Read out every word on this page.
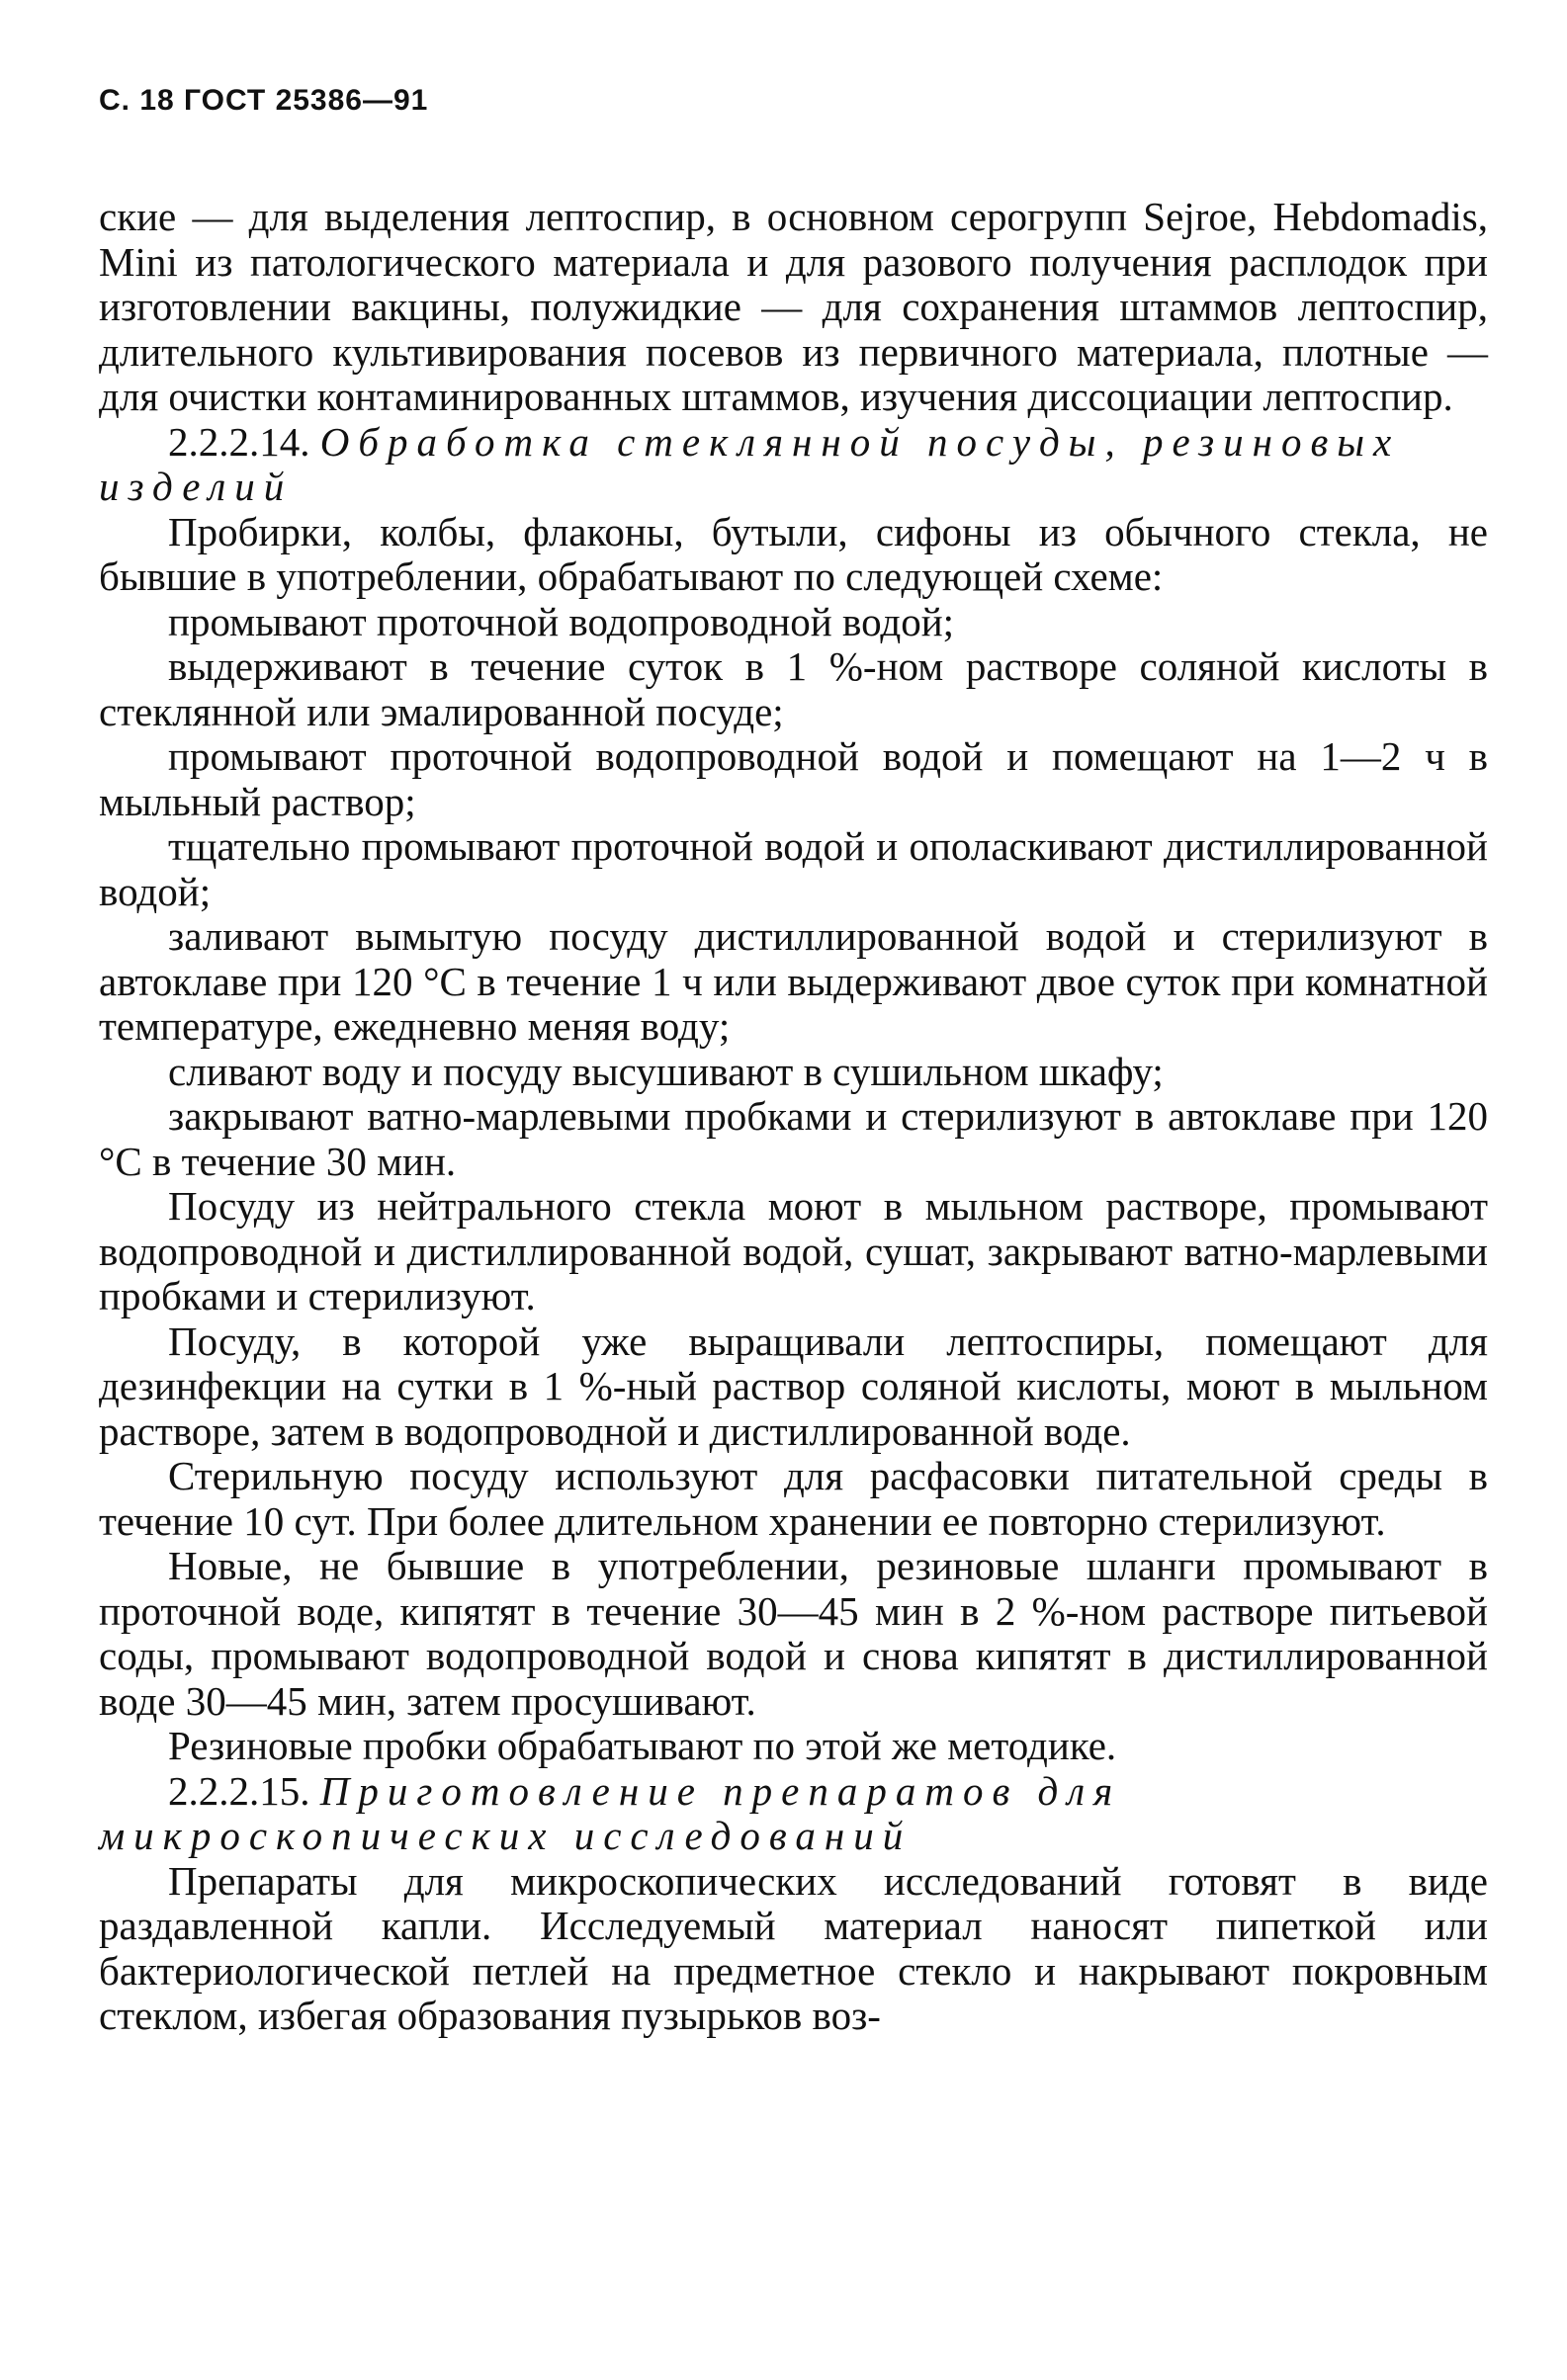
С. 18 ГОСТ 25386—91

ские — для выделения лептоспир, в основном серогрупп Sejroe, Hebdomadis, Mini из патологического материала и для разового получения расплодок при изготовлении вакцины, полужидкие — для сохранения штаммов лептоспир, длительного культивирования посевов из первичного материала, плотные — для очистки контаминированных штаммов, изучения диссоциации лептоспир.

2.2.2.14. Обработка стеклянной посуды, резиновых изделий

Пробирки, колбы, флаконы, бутыли, сифоны из обычного стекла, не бывшие в употреблении, обрабатывают по следующей схеме:

промывают проточной водопроводной водой;

выдерживают в течение суток в 1 %-ном растворе соляной кислоты в стеклянной или эмалированной посуде;

промывают проточной водопроводной водой и помещают на 1—2 ч в мыльный раствор;

тщательно промывают проточной водой и ополаскивают дистиллированной водой;

заливают вымытую посуду дистиллированной водой и стерилизуют в автоклаве при 120 °С в течение 1 ч или выдерживают двое суток при комнатной температуре, ежедневно меняя воду;

сливают воду и посуду высушивают в сушильном шкафу;

закрывают ватно-марлевыми пробками и стерилизуют в автоклаве при 120 °С в течение 30 мин.

Посуду из нейтрального стекла моют в мыльном растворе, промывают водопроводной и дистиллированной водой, сушат, закрывают ватно-марлевыми пробками и стерилизуют.

Посуду, в которой уже выращивали лептоспиры, помещают для дезинфекции на сутки в 1 %-ный раствор соляной кислоты, моют в мыльном растворе, затем в водопроводной и дистиллированной воде.

Стерильную посуду используют для расфасовки питательной среды в течение 10 сут. При более длительном хранении ее повторно стерилизуют.

Новые, не бывшие в употреблении, резиновые шланги промывают в проточной воде, кипятят в течение 30—45 мин в 2 %-ном растворе питьевой соды, промывают водопроводной водой и снова кипятят в дистиллированной воде 30—45 мин, затем просушивают.

Резиновые пробки обрабатывают по этой же методике.

2.2.2.15. Приготовление препаратов для микроскопических исследований

Препараты для микроскопических исследований готовят в виде раздавленной капли. Исследуемый материал наносят пипеткой или бактериологической петлей на предметное стекло и накрывают покровным стеклом, избегая образования пузырьков воз-
